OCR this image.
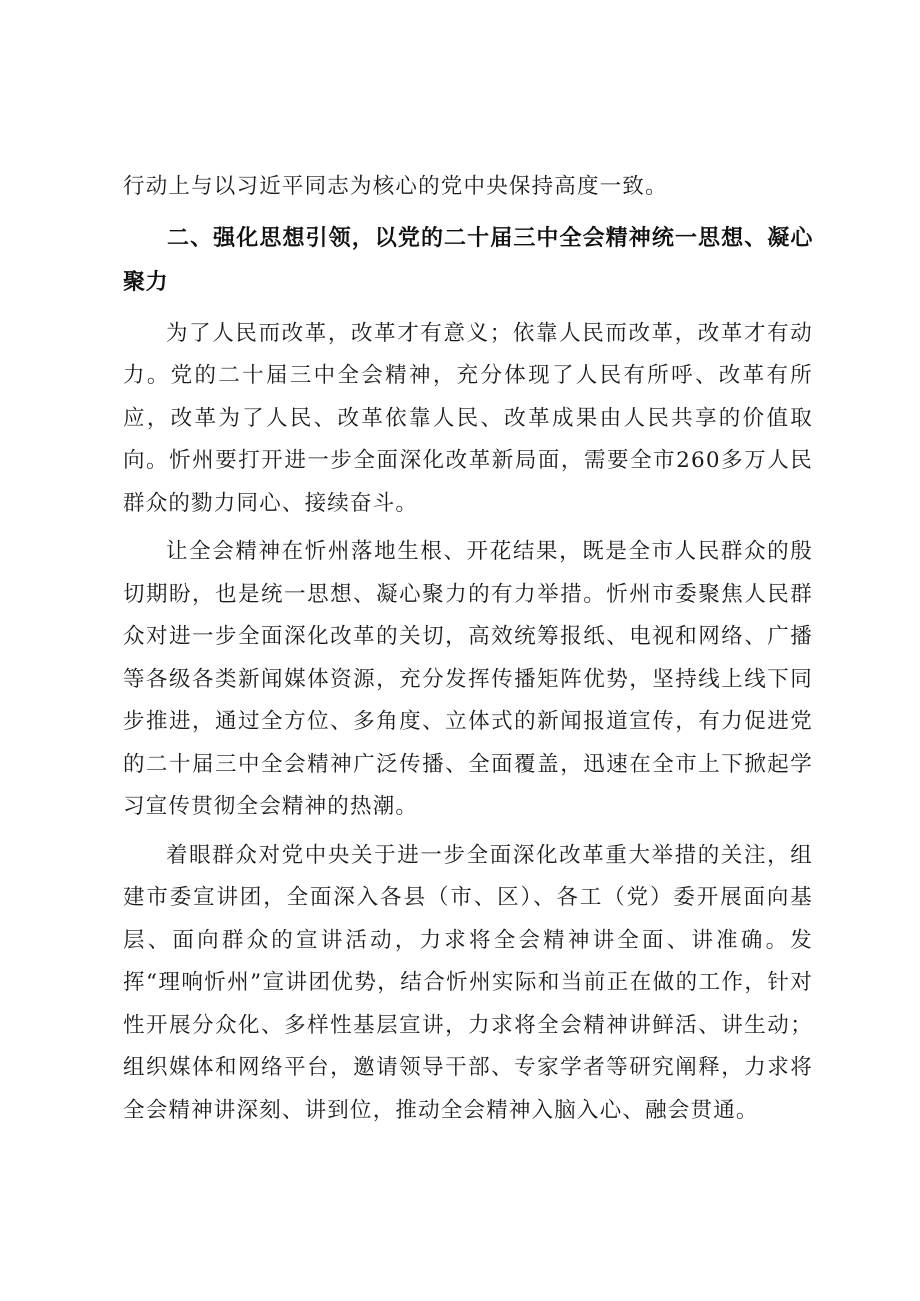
行动上与以习近平同志为核心的党中央保持高度一致。

二、强化思想引领，以党的二十届三中全会精神统一思想、凝心聚力

为了人民而改革，改革才有意义；依靠人民而改革，改革才有动力。党的二十届三中全会精神，充分体现了人民有所呼、改革有所应，改革为了人民、改革依靠人民、改革成果由人民共享的价值取向。忻州要打开进一步全面深化改革新局面，需要全市260多万人民群众的勠力同心、接续奋斗。

让全会精神在忻州落地生根、开花结果，既是全市人民群众的殷切期盼，也是统一思想、凝心聚力的有力举措。忻州市委聚焦人民群众对进一步全面深化改革的关切，高效统筹报纸、电视和网络、广播等各级各类新闻媒体资源，充分发挥传播矩阵优势，坚持线上线下同步推进，通过全方位、多角度、立体式的新闻报道宣传，有力促进党的二十届三中全会精神广泛传播、全面覆盖，迅速在全市上下掀起学习宣传贯彻全会精神的热潮。

着眼群众对党中央关于进一步全面深化改革重大举措的关注，组建市委宣讲团，全面深入各县（市、区）、各工（党）委开展面向基层、面向群众的宣讲活动，力求将全会精神讲全面、讲准确。发挥“理响忻州”宣讲团优势，结合忻州实际和当前正在做的工作，针对性开展分众化、多样性基层宣讲，力求将全会精神讲鲜活、讲生动；组织媒体和网络平台，邀请领导干部、专家学者等研究阐释，力求将全会精神讲深刻、讲到位，推动全会精神入脑入心、融会贯通。
